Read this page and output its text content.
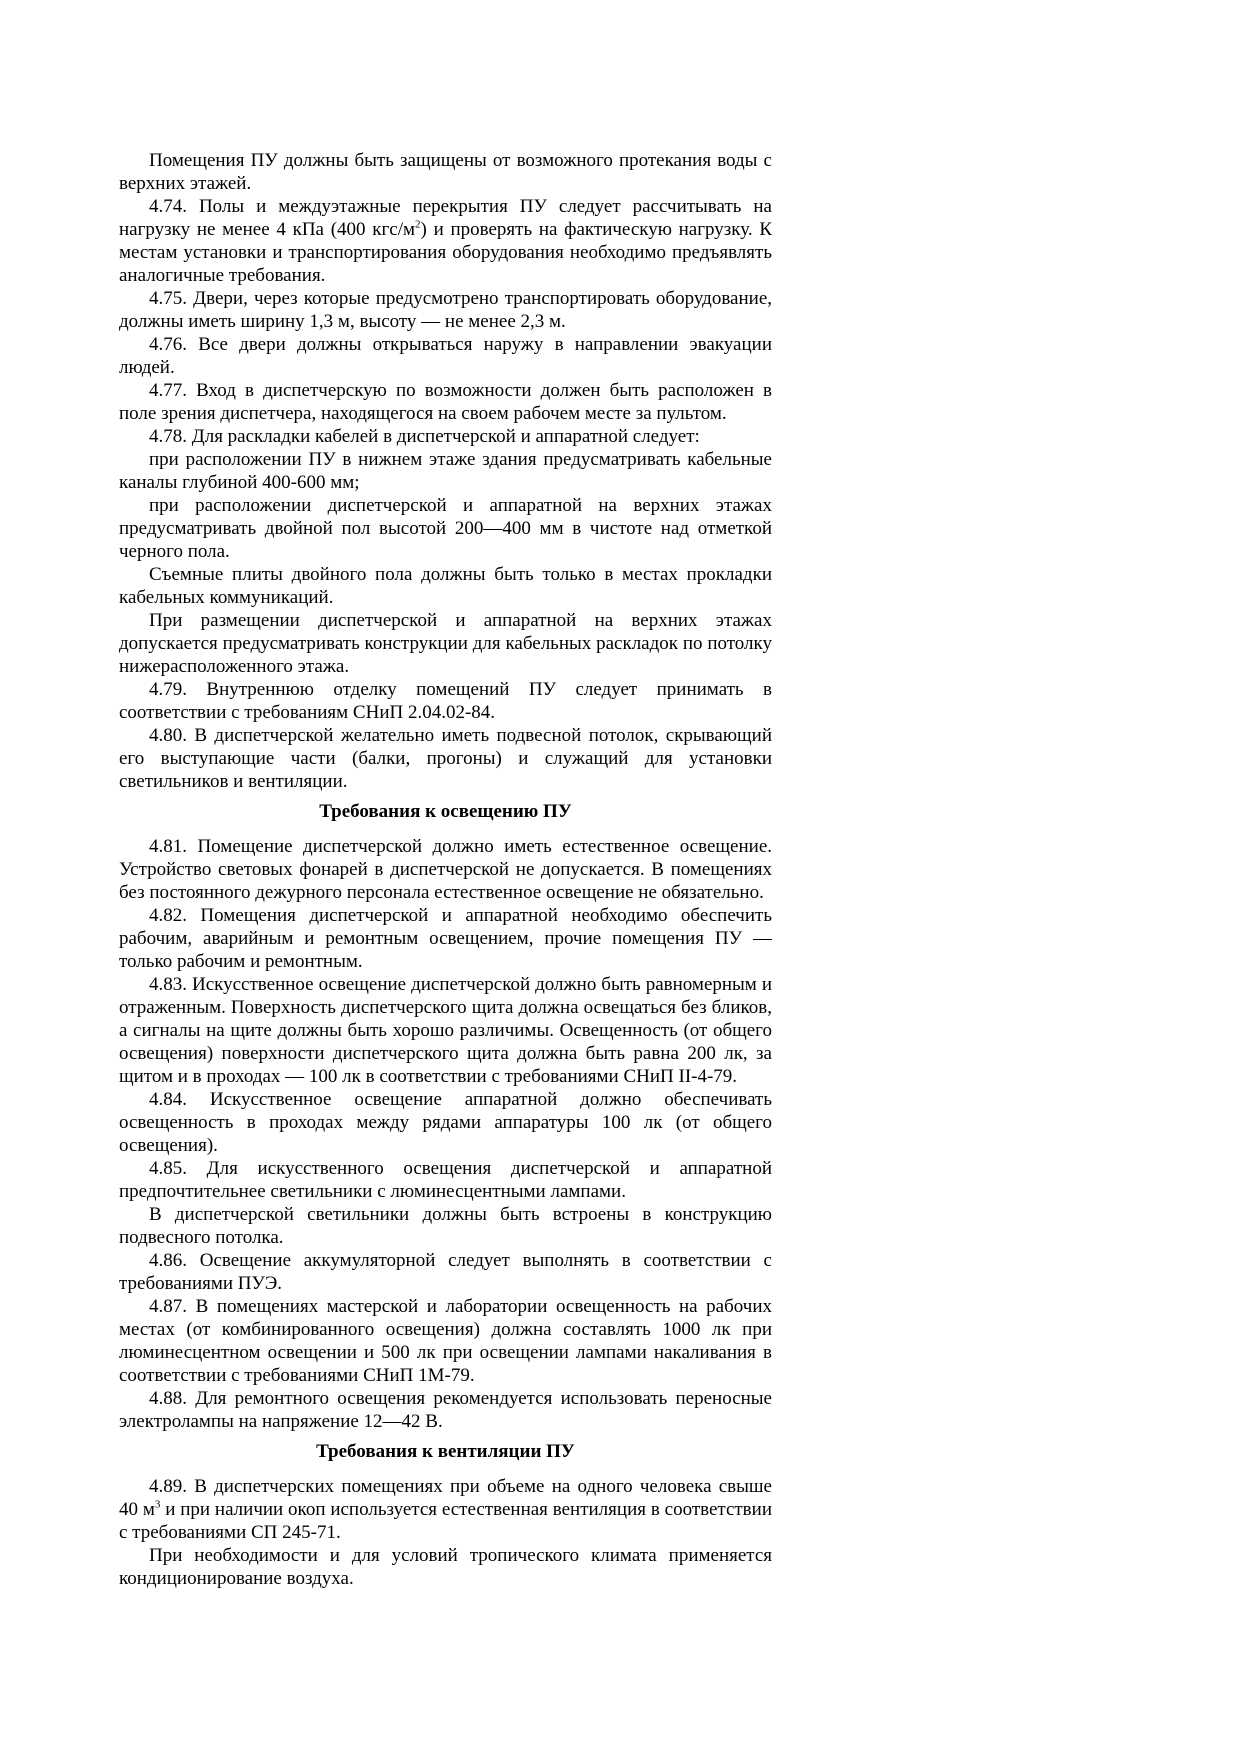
Помещения ПУ должны быть защищены от возможного протекания воды с верхних этажей.

4.74. Полы и междуэтажные перекрытия ПУ следует рассчитывать на нагрузку не менее 4 кПа (400 кгс/$м^2$) и проверять на фактическую нагрузку. К местам установки и транспортирования оборудования необходимо предъявлять аналогичные требования.

4.75. Двери, через которые предусмотрено транспортировать оборудование, должны иметь ширину 1,3 м, высоту — не менее 2,3 м.

4.76. Все двери должны открываться наружу в направлении эвакуации людей.

4.77. Вход в диспетчерскую по возможности должен быть расположен в поле зрения диспетчера, находящегося на своем рабочем месте за пультом.

4.78. Для раскладки кабелей в диспетчерской и аппаратной следует:

при расположении ПУ в нижнем этаже здания предусматривать кабельные каналы глубиной 400-600 мм;

при расположении диспетчерской и аппаратной на верхних этажах предусматривать двойной пол высотой 200—400 мм в чистоте над отметкой черного пола.

Съемные плиты двойного пола должны быть только в местах прокладки кабельных коммуникаций.

При размещении диспетчерской и аппаратной на верхних этажах допускается предусматривать конструкции для кабельных раскладок по потолку нижерасположенного этажа.

4.79. Внутреннюю отделку помещений ПУ следует принимать в соответствии с требованиям СНиП 2.04.02-84.

4.80. В диспетчерской желательно иметь подвесной потолок, скрывающий его выступающие части (балки, прогоны) и служащий для установки светильников и вентиляции.

Требования к освещению ПУ

4.81. Помещение диспетчерской должно иметь естественное освещение. Устройство световых фонарей в диспетчерской не допускается. В помещениях без постоянного дежурного персонала естественное освещение не обязательно.

4.82. Помещения диспетчерской и аппаратной необходимо обеспечить рабочим, аварийным и ремонтным освещением, прочие помещения ПУ — только рабочим и ремонтным.

4.83. Искусственное освещение диспетчерской должно быть равномерным и отраженным. Поверхность диспетчерского щита должна освещаться без бликов, а сигналы на щите должны быть хорошо различимы. Освещенность (от общего освещения) поверхности диспетчерского щита должна быть равна 200 лк, за щитом и в проходах — 100 лк в соответствии с требованиями СНиП II-4-79.

4.84. Искусственное освещение аппаратной должно обеспечивать освещенность в проходах между рядами аппаратуры 100 лк (от общего освещения).

4.85. Для искусственного освещения диспетчерской и аппаратной предпочтительнее светильники с люминесцентными лампами.

В диспетчерской светильники должны быть встроены в конструкцию подвесного потолка.

4.86. Освещение аккумуляторной следует выполнять в соответствии с требованиями ПУЭ.

4.87. В помещениях мастерской и лаборатории освещенность на рабочих местах (от комбинированного освещения) должна составлять 1000 лк при люминесцентном освещении и 500 лк при освещении лампами накаливания в соответствии с требованиями СНиП 1М-79.

4.88. Для ремонтного освещения рекомендуется использовать переносные электролампы на напряжение 12—42 В.

Требования к вентиляции ПУ

4.89. В диспетчерских помещениях при объеме на одного человека свыше 40 $м^3$ и при наличии окоп используется естественная вентиляция в соответствии с требованиями СП 245-71.

При необходимости и для условий тропического климата применяется кондиционирование воздуха.
